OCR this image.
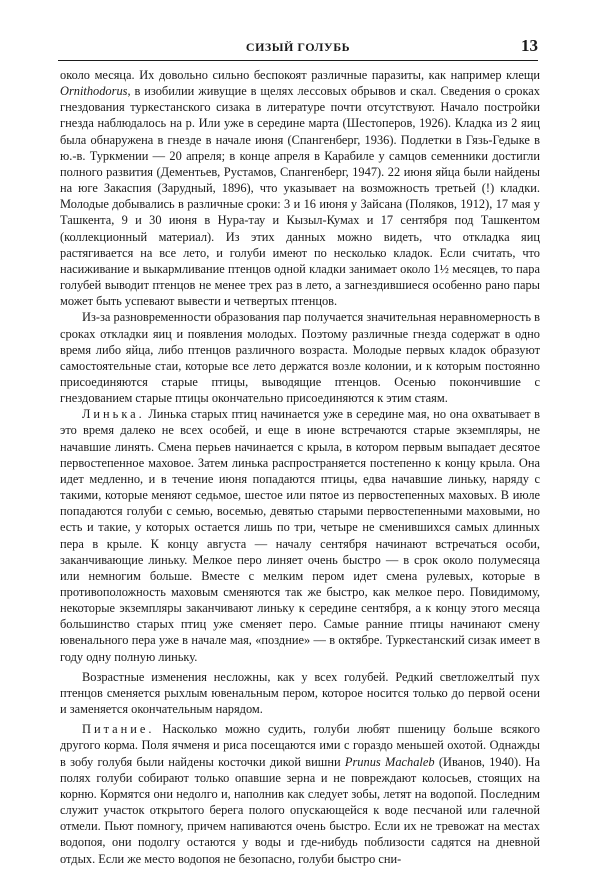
СИЗЫЙ ГОЛУБЬ	13

около месяца. Их довольно сильно беспокоят различные паразиты, как например клещи Ornithodorus, в изобилии живущие в щелях лессовых обрывов и скал. Сведения о сроках гнездования туркестанского сизака в литературе почти отсутствуют. Начало постройки гнезда наблюдалось на р. Или уже в середине марта (Шестоперов, 1926). Кладка из 2 яиц была обнаружена в гнезде в начале июня (Спангенберг, 1936). Подлетки в Гязь-Гедыке в ю.-в. Туркмении — 20 апреля; в конце апреля в Карабиле у самцов семенники достигли полного развития (Дементьев, Рустамов, Спангенберг, 1947). 22 июня яйца были найдены на юге Закаспия (Зарудный, 1896), что указывает на возможность третьей (!) кладки. Молодые добывались в различные сроки: 3 и 16 июня у Зайсана (Поляков, 1912), 17 мая у Ташкента, 9 и 30 июня в Нура-тау и Кызыл-Кумах и 17 сентября под Ташкентом (коллекционный материал). Из этих данных можно видеть, что откладка яиц растягивается на все лето, и голуби имеют по несколько кладок. Если считать, что насиживание и выкармливание птенцов одной кладки занимает около 1½ месяцев, то пара голубей выводит птенцов не менее трех раз в лето, а загнездившиеся особенно рано пары может быть успевают вывести и четвертых птенцов.

Из-за разновременности образования пар получается значительная неравномерность в сроках откладки яиц и появления молодых. Поэтому различные гнезда содержат в одно время либо яйца, либо птенцов различного возраста. Молодые первых кладок образуют самостоятельные стаи, которые все лето держатся возле колонии, и к которым постоянно присоединяются старые птицы, выводящие птенцов. Осенью покончившие с гнездованием старые птицы окончательно присоединяются к этим стаям.

Линька. Линька старых птиц начинается уже в середине мая, но она охватывает в это время далеко не всех особей, и еще в июне встречаются старые экземпляры, не начавшие линять. Смена перьев начинается с крыла, в котором первым выпадает десятое первостепенное маховое. Затем линька распространяется постепенно к концу крыла. Она идет медленно, и в течение июня попадаются птицы, едва начавшие линьку, наряду с такими, которые меняют седьмое, шестое или пятое из первостепенных маховых. В июле попадаются голуби с семью, восемью, девятью старыми первостепенными маховыми, но есть и такие, у которых остается лишь по три, четыре не сменившихся самых длинных пера в крыле. К концу августа — началу сентября начинают встречаться особи, заканчивающие линьку. Мелкое перо линяет очень быстро — в срок около полумесяца или немногим больше. Вместе с мелким пером идет смена рулевых, которые в противоположность маховым сменяются так же быстро, как мелкое перо. Повидимому, некоторые экземпляры заканчивают линьку к середине сентября, а к концу этого месяца большинство старых птиц уже сменяет перо. Самые ранние птицы начинают смену ювенального пера уже в начале мая, «поздние» — в октябре. Туркестанский сизак имеет в году одну полную линьку.

Возрастные изменения несложны, как у всех голубей. Редкий светложелтый пух птенцов сменяется рыхлым ювенальным пером, которое носится только до первой осени и заменяется окончательным нарядом.

Питание. Насколько можно судить, голуби любят пшеницу больше всякого другого корма. Поля ячменя и риса посещаются ими с гораздо меньшей охотой. Однажды в зобу голубя были найдены косточки дикой вишни Prunus Machaleb (Иванов, 1940). На полях голуби собирают только опавшие зерна и не повреждают колосьев, стоящих на корню. Кормятся они недолго и, наполнив как следует зобы, летят на водопой. Последним служит участок открытого берега полого опускающейся к воде песчаной или галечной отмели. Пьют помногу, причем напиваются очень быстро. Если их не тревожат на местах водопоя, они подолгу остаются у воды и где-нибудь поблизости садятся на дневной отдых. Если же место водопоя не безопасно, голуби быстро сни-
